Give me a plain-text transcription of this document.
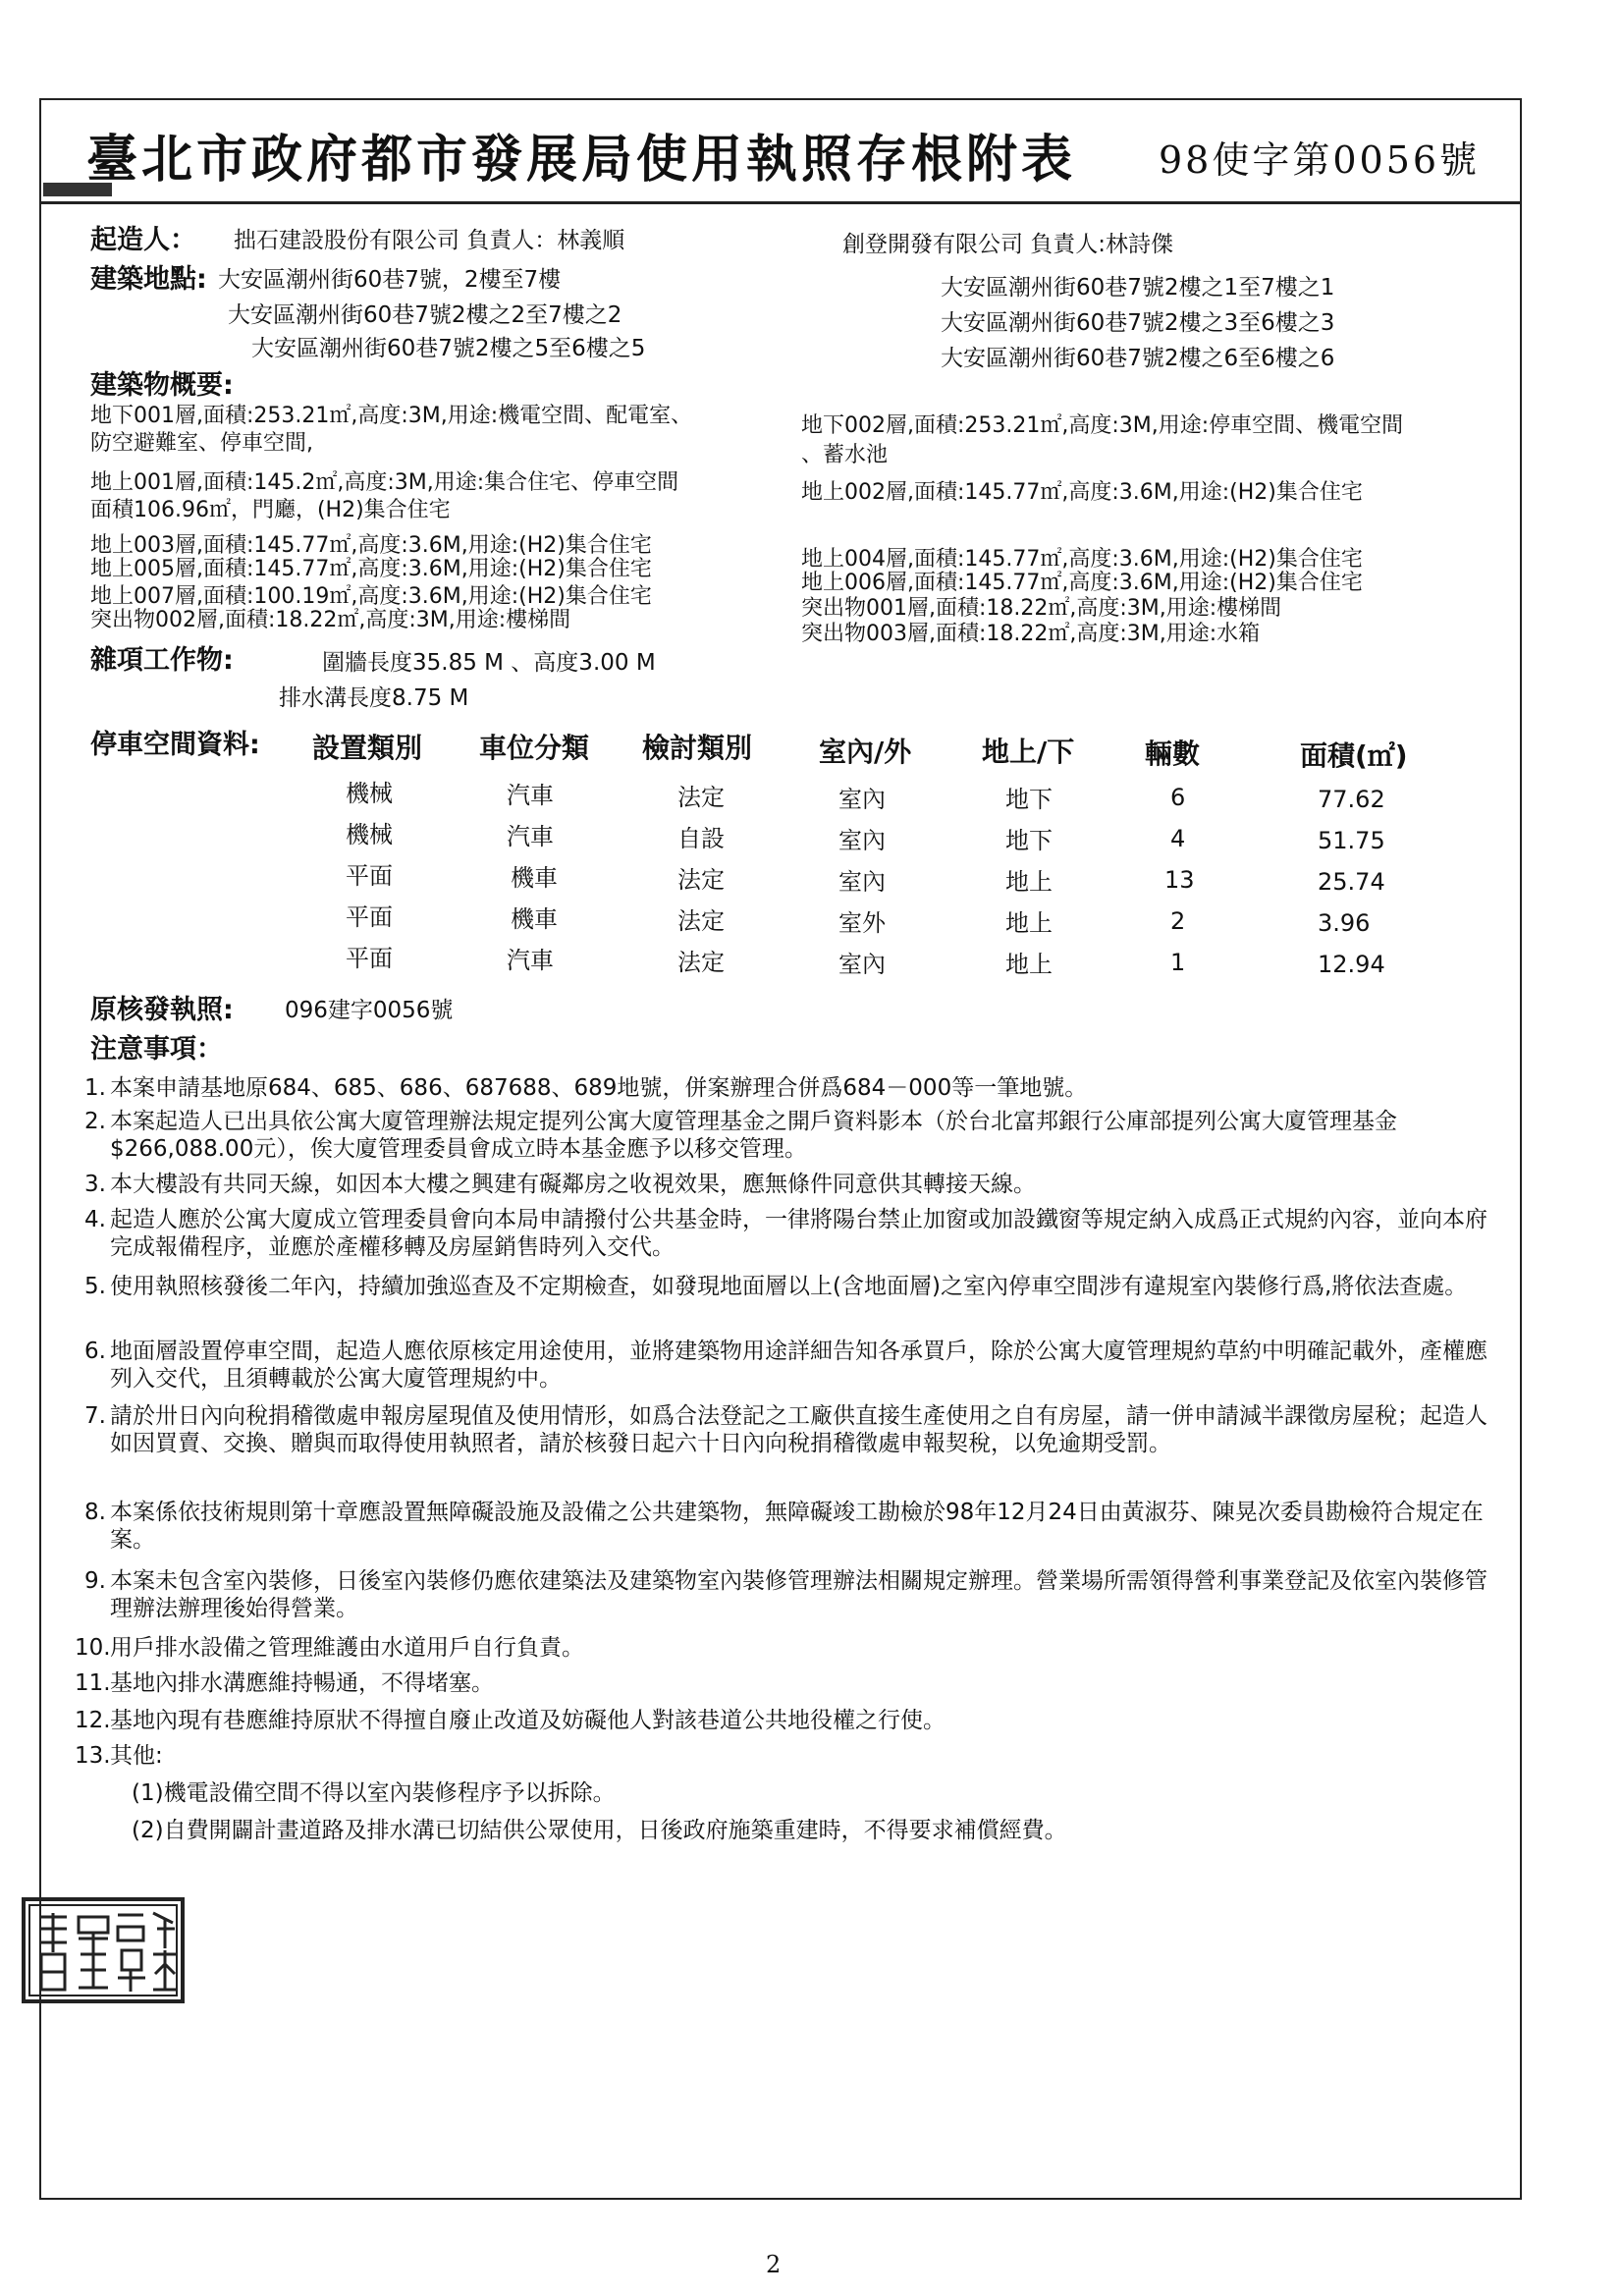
臺北市政府都市發展局使用執照存根附表 98使字第0056號
起造人： 拙石建設股份有限公司 負責人：林義順	創登開發有限公司 負責人:林詩傑
建築地點: 大安區潮州街60巷7號，2樓至7樓
大安區潮州街60巷7號2樓之2至7樓之2
大安區潮州街60巷7號2樓之5至6樓之5
大安區潮州街60巷7號2樓之1至7樓之1
大安區潮州街60巷7號2樓之3至6樓之3
大安區潮州街60巷7號2樓之6至6樓之6
建築物概要:
地下001層,面積:253.21㎡,高度:3M,用途:機電空間、配電室、
防空避難室、停車空間,
地下002層,面積:253.21㎡,高度:3M,用途:停車空間、機電空間
、蓄水池
地上001層,面積:145.2㎡,高度:3M,用途:集合住宅、停車空間
面積106.96㎡，門廳，(H2)集合住宅
地上002層,面積:145.77㎡,高度:3.6M,用途:(H2)集合住宅
地上003層,面積:145.77㎡,高度:3.6M,用途:(H2)集合住宅
地上005層,面積:145.77㎡,高度:3.6M,用途:(H2)集合住宅
地上007層,面積:100.19㎡,高度:3.6M,用途:(H2)集合住宅
突出物002層,面積:18.22㎡,高度:3M,用途:樓梯間
地上004層,面積:145.77㎡,高度:3.6M,用途:(H2)集合住宅
地上006層,面積:145.77㎡,高度:3.6M,用途:(H2)集合住宅
突出物001層,面積:18.22㎡,高度:3M,用途:樓梯間
突出物003層,面積:18.22㎡,高度:3M,用途:水箱
雜項工作物:	圍牆長度35.85 M 、高度3.00 M
排水溝長度8.75 M
停車空間資料: 設置類別 車位分類 檢討類別 室內/外	地上/下	輛數	面積(㎡)
機械	汽車	法定	室內	地下	6	77.62
機械	汽車	自設	室內	地下	4	51.75
平面	機車	法定	室內	地上	13	25.74
平面	機車	法定	室外	地上	2	3.96
平面	汽車	法定	室內	地上	1	12.94
原核發執照: 096建字0056號
注意事項：
1. 本案申請基地原684、685、686、687688、689地號，併案辦理合併爲684－000等一筆地號。
2. 本案起造人已出具依公寓大廈管理辦法規定提列公寓大廈管理基金之開戶資料影本（於台北富邦銀行公庫部提列公寓大廈管理基金$266,088.00元），俟大廈管理委員會成立時本基金應予以移交管理。
3. 本大樓設有共同天線，如因本大樓之興建有礙鄰房之收視效果，應無條件同意供其轉接天線。
4. 起造人應於公寓大廈成立管理委員會向本局申請撥付公共基金時，一律將陽台禁止加窗或加設鐵窗等規定納入成爲正式規約內容，並向本府完成報備程序，並應於產權移轉及房屋銷售時列入交代。
5. 使用執照核發後二年內，持續加強巡查及不定期檢查，如發現地面層以上(含地面層)之室內停車空間涉有違規室內裝修行爲,將依法查處。
6. 地面層設置停車空間，起造人應依原核定用途使用，並將建築物用途詳細告知各承買戶，除於公寓大廈管理規約草約中明確記載外，產權應列入交代，且須轉載於公寓大廈管理規約中。
7. 請於卅日內向稅捐稽徵處申報房屋現值及使用情形，如爲合法登記之工廠供直接生產使用之自有房屋，請一併申請減半課徵房屋稅；起造人如因買賣、交換、贈與而取得使用執照者，請於核發日起六十日內向稅捐稽徵處申報契稅，以免逾期受罰。
8. 本案係依技術規則第十章應設置無障礙設施及設備之公共建築物，無障礙竣工勘檢於98年12月24日由黃淑芬、陳晃次委員勘檢符合規定在案。
9. 本案未包含室內裝修，日後室內裝修仍應依建築法及建築物室內裝修管理辦法相關規定辦理。營業場所需領得營利事業登記及依室內裝修管理辦法辦理後始得營業。
10. 用戶排水設備之管理維護由水道用戶自行負責。
11. 基地內排水溝應維持暢通，不得堵塞。
12. 基地內現有巷應維持原狀不得擅自廢止改道及妨礙他人對該巷道公共地役權之行使。
13. 其他:
(1)機電設備空間不得以室內裝修程序予以拆除。
(2)自費開闢計畫道路及排水溝已切結供公眾使用，日後政府施築重建時，不得要求補償經費。
2
